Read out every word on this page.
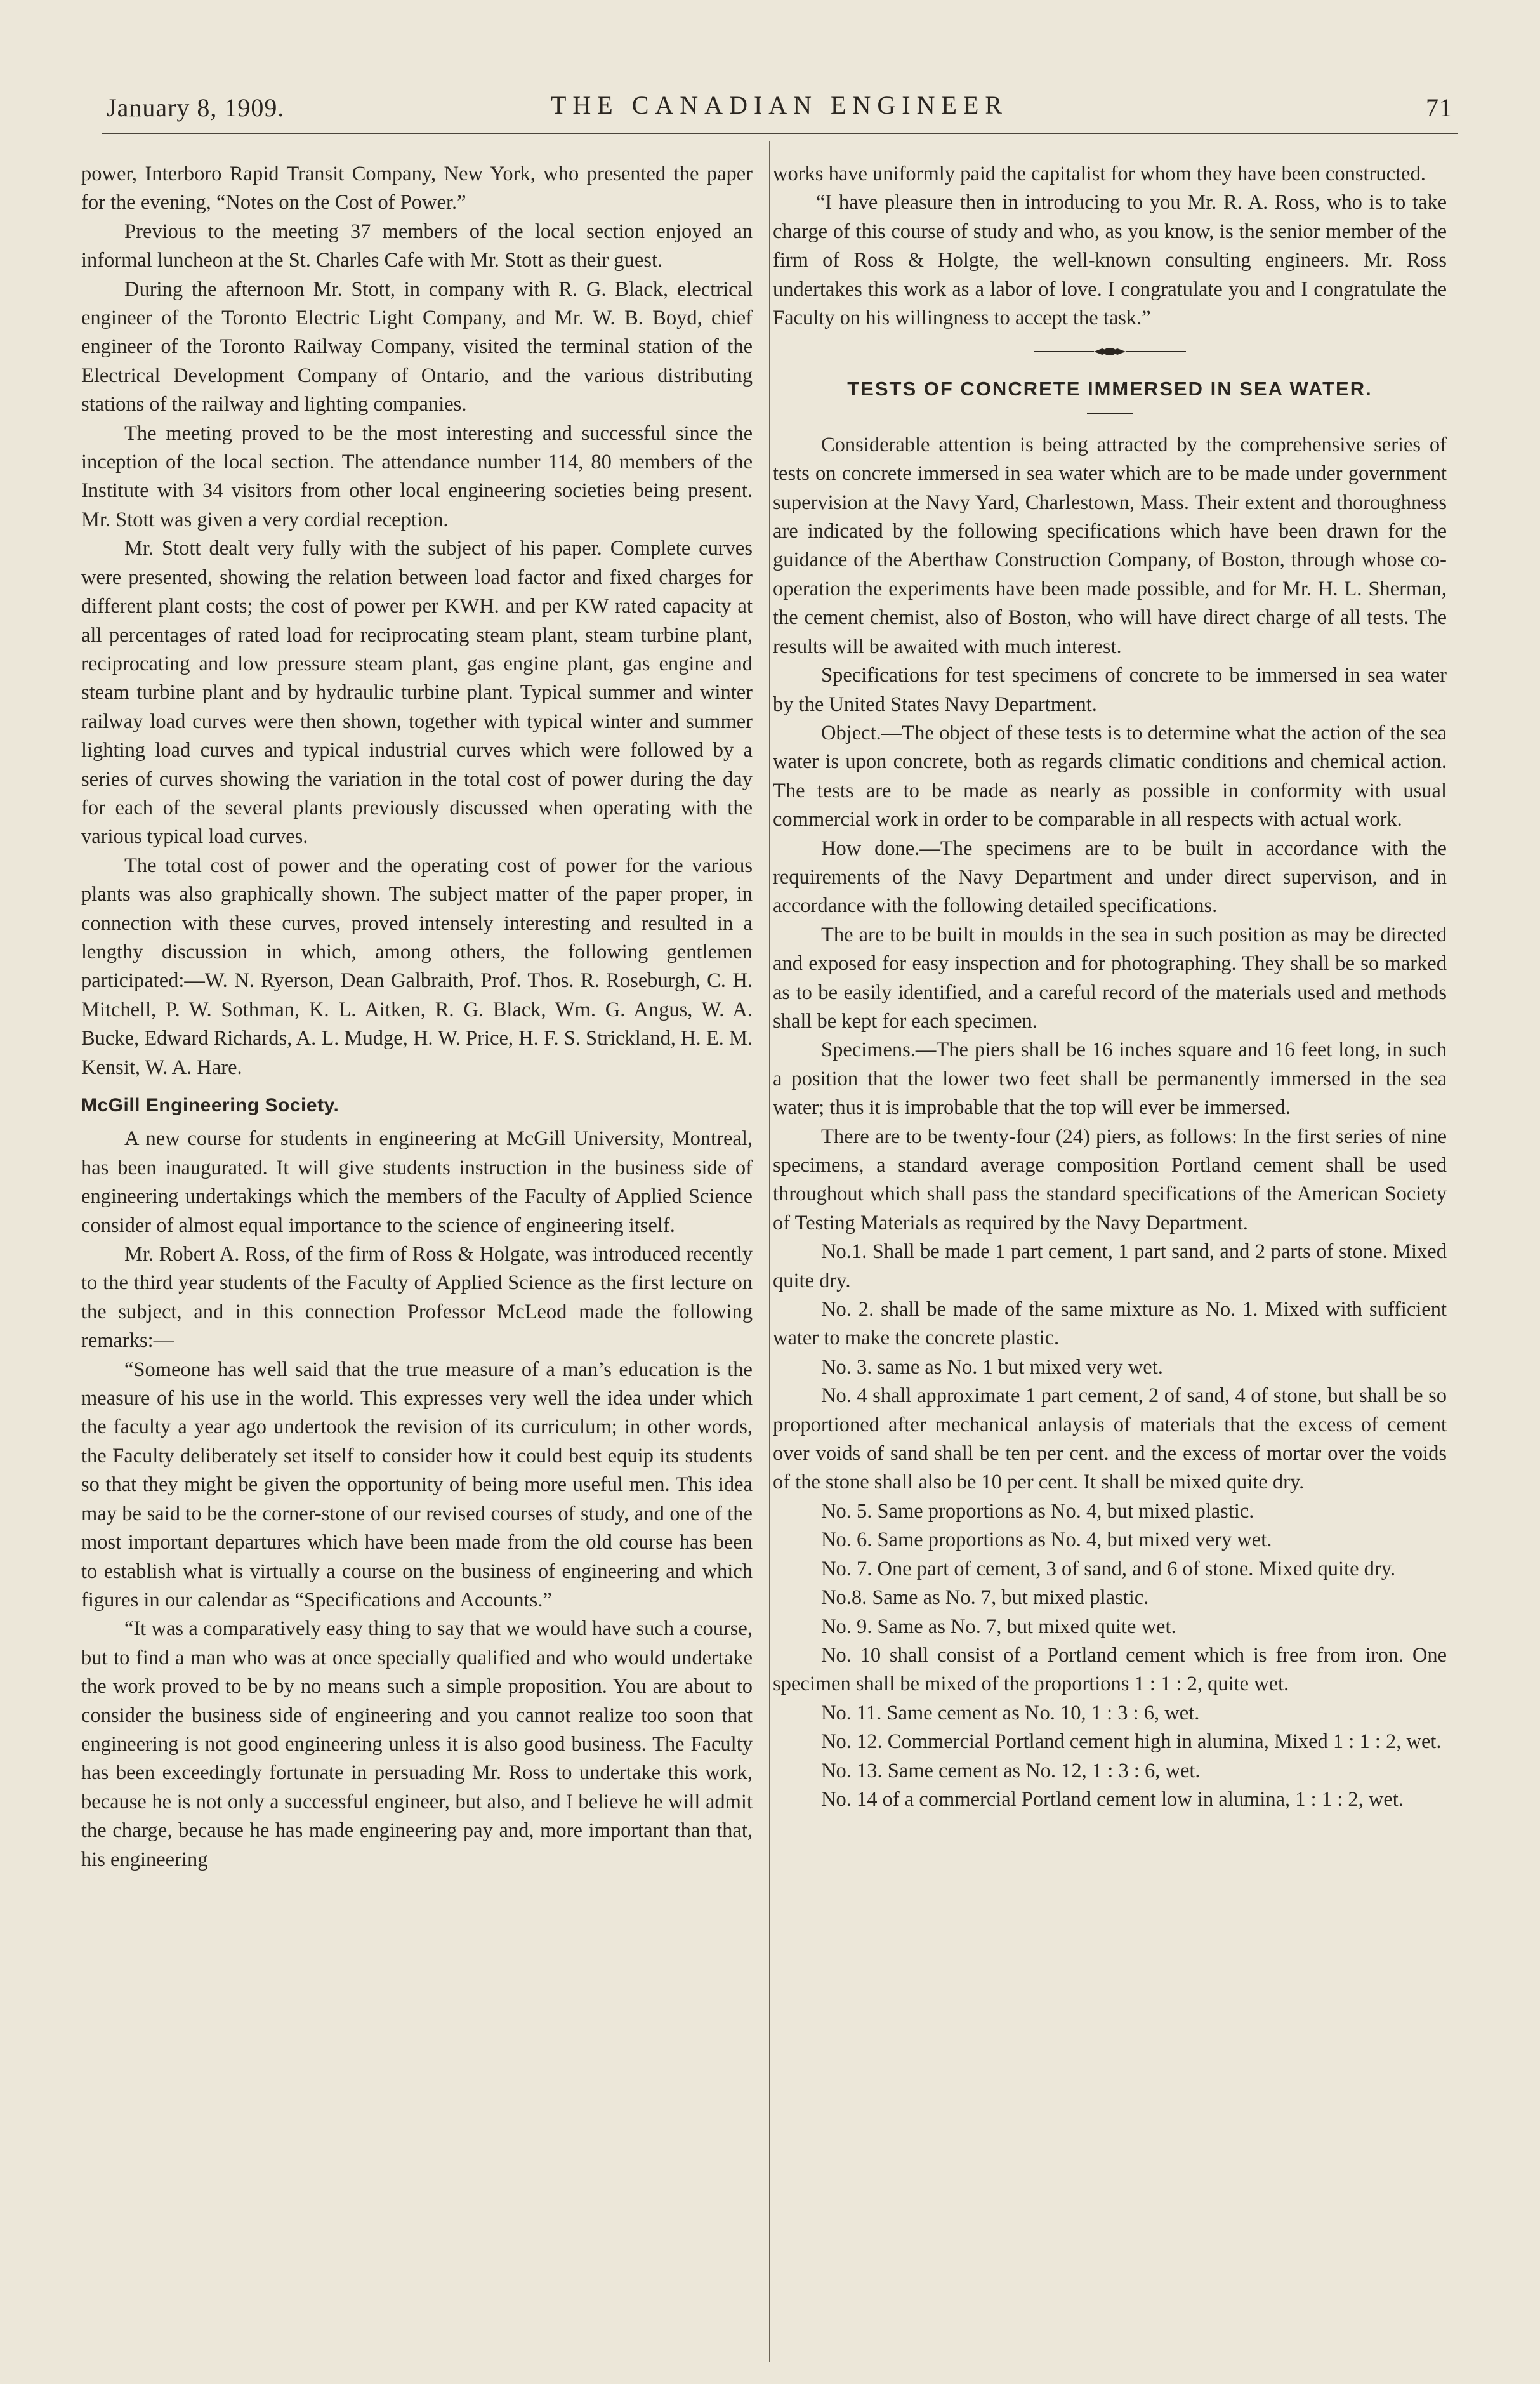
January 8, 1909.	THE CANADIAN ENGINEER	71

power, Interboro Rapid Transit Company, New York, who presented the paper for the evening, “Notes on the Cost of Power.”

Previous to the meeting 37 members of the local section enjoyed an informal luncheon at the St. Charles Cafe with Mr. Stott as their guest.

During the afternoon Mr. Stott, in company with R. G. Black, electrical engineer of the Toronto Electric Light Company, and Mr. W. B. Boyd, chief engineer of the Toronto Railway Company, visited the terminal station of the Electrical Development Company of Ontario, and the various distributing stations of the railway and lighting companies.

The meeting proved to be the most interesting and successful since the inception of the local section. The attendance number 114, 80 members of the Institute with 34 visitors from other local engineering societies being present. Mr. Stott was given a very cordial reception.

Mr. Stott dealt very fully with the subject of his paper. Complete curves were presented, showing the relation between load factor and fixed charges for different plant costs; the cost of power per KWH. and per KW rated capacity at all percentages of rated load for reciprocating steam plant, steam turbine plant, reciprocating and low pressure steam plant, gas engine plant, gas engine and steam turbine plant and by hydraulic turbine plant. Typical summer and winter railway load curves were then shown, together with typical winter and summer lighting load curves and typical industrial curves which were followed by a series of curves showing the variation in the total cost of power during the day for each of the several plants previously discussed when operating with the various typical load curves.

The total cost of power and the operating cost of power for the various plants was also graphically shown. The subject matter of the paper proper, in connection with these curves, proved intensely interesting and resulted in a lengthy discussion in which, among others, the following gentlemen participated:—W. N. Ryerson, Dean Galbraith, Prof. Thos. R. Roseburgh, C. H. Mitchell, P. W. Sothman, K. L. Aitken, R. G. Black, Wm. G. Angus, W. A. Bucke, Edward Richards, A. L. Mudge, H. W. Price, H. F. S. Strickland, H. E. M. Kensit, W. A. Hare.

McGill Engineering Society.

A new course for students in engineering at McGill University, Montreal, has been inaugurated. It will give students instruction in the business side of engineering undertakings which the members of the Faculty of Applied Science consider of almost equal importance to the science of engineering itself.

Mr. Robert A. Ross, of the firm of Ross & Holgate, was introduced recently to the third year students of the Faculty of Applied Science as the first lecture on the subject, and in this connection Professor McLeod made the following remarks:—

“Someone has well said that the true measure of a man’s education is the measure of his use in the world. This expresses very well the idea under which the faculty a year ago undertook the revision of its curriculum; in other words, the Faculty deliberately set itself to consider how it could best equip its students so that they might be given the opportunity of being more useful men. This idea may be said to be the corner-stone of our revised courses of study, and one of the most important departures which have been made from the old course has been to establish what is virtually a course on the business of engineering and which figures in our calendar as “Specifications and Accounts.”

“It was a comparatively easy thing to say that we would have such a course, but to find a man who was at once specially qualified and who would undertake the work proved to be by no means such a simple proposition. You are about to consider the business side of engineering and you cannot realize too soon that engineering is not good engineering unless it is also good business. The Faculty has been exceedingly fortunate in persuading Mr. Ross to undertake this work, because he is not only a successful engineer, but also, and I believe he will admit the charge, because he has made engineering pay and, more important than that, his engineering

works have uniformly paid the capitalist for whom they have been constructed.

“I have pleasure then in introducing to you Mr. R. A. Ross, who is to take charge of this course of study and who, as you know, is the senior member of the firm of Ross & Holgte, the well-known consulting engineers. Mr. Ross undertakes this work as a labor of love. I congratulate you and I congratulate the Faculty on his willingness to accept the task.”

TESTS OF CONCRETE IMMERSED IN SEA WATER.

Considerable attention is being attracted by the comprehensive series of tests on concrete immersed in sea water which are to be made under government supervision at the Navy Yard, Charlestown, Mass. Their extent and thoroughness are indicated by the following specifications which have been drawn for the guidance of the Aberthaw Construction Company, of Boston, through whose co-operation the experiments have been made possible, and for Mr. H. L. Sherman, the cement chemist, also of Boston, who will have direct charge of all tests. The results will be awaited with much interest.

Specifications for test specimens of concrete to be immersed in sea water by the United States Navy Department.

Object.—The object of these tests is to determine what the action of the sea water is upon concrete, both as regards climatic conditions and chemical action. The tests are to be made as nearly as possible in conformity with usual commercial work in order to be comparable in all respects with actual work.

How done.—The specimens are to be built in accordance with the requirements of the Navy Department and under direct supervison, and in accordance with the following detailed specifications.

The are to be built in moulds in the sea in such position as may be directed and exposed for easy inspection and for photographing. They shall be so marked as to be easily identified, and a careful record of the materials used and methods shall be kept for each specimen.

Specimens.—The piers shall be 16 inches square and 16 feet long, in such a position that the lower two feet shall be permanently immersed in the sea water; thus it is improbable that the top will ever be immersed.

There are to be twenty-four (24) piers, as follows: In the first series of nine specimens, a standard average composition Portland cement shall be used throughout which shall pass the standard specifications of the American Society of Testing Materials as required by the Navy Department.

No.1. Shall be made 1 part cement, 1 part sand, and 2 parts of stone. Mixed quite dry.

No. 2. shall be made of the same mixture as No. 1. Mixed with sufficient water to make the concrete plastic.

No. 3. same as No. 1 but mixed very wet.

No. 4 shall approximate 1 part cement, 2 of sand, 4 of stone, but shall be so proportioned after mechanical anlaysis of materials that the excess of cement over voids of sand shall be ten per cent. and the excess of mortar over the voids of the stone shall also be 10 per cent. It shall be mixed quite dry.

No. 5. Same proportions as No. 4, but mixed plastic.

No. 6. Same proportions as No. 4, but mixed very wet.

No. 7. One part of cement, 3 of sand, and 6 of stone. Mixed quite dry.

No.8. Same as No. 7, but mixed plastic.

No. 9. Same as No. 7, but mixed quite wet.

No. 10 shall consist of a Portland cement which is free from iron. One specimen shall be mixed of the proportions 1 : 1 : 2, quite wet.

No. 11. Same cement as No. 10, 1 : 3 : 6, wet.

No. 12. Commercial Portland cement high in alumina, Mixed 1 : 1 : 2, wet.

No. 13. Same cement as No. 12, 1 : 3 : 6, wet.

No. 14 of a commercial Portland cement low in alumina, 1 : 1 : 2, wet.
